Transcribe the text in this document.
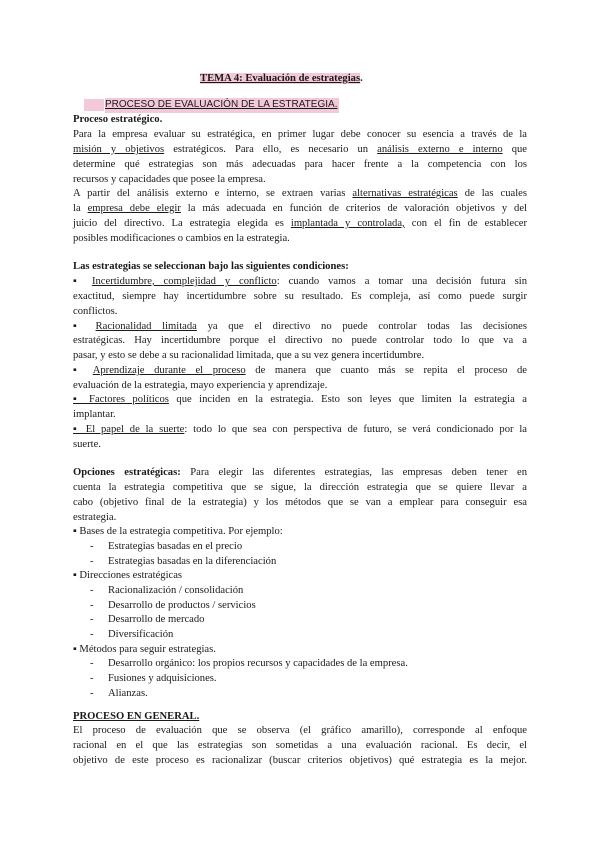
TEMA 4: Evaluación de estrategias.
PROCESO DE EVALUACIÓN DE LA ESTRATEGIA.
Proceso estratégico.
Para la empresa evaluar su estratégica, en primer lugar debe conocer su esencia a través de la
misión y objetivos estratégicos. Para ello, es necesario un análisis externo e interno que
determine qué estrategias son más adecuadas para hacer frente a la competencia con los
recursos y capacidades que posee la empresa.
A partir del análisis externo e interno, se extraen varias alternativas estratégicas de las cuales
la empresa debe elegir la más adecuada en función de criterios de valoración objetivos y del
juicio del directivo. La estrategia elegida es implantada y controlada, con el fin de establecer
posibles modificaciones o cambios en la estrategia.
Las estrategias se seleccionan bajo las siguientes condiciones:
▪ Incertidumbre, complejidad y conflicto: cuando vamos a tomar una decisión futura sin
exactitud, siempre hay incertidumbre sobre su resultado. Es compleja, así como puede surgir
conflictos.
▪ Racionalidad limitada ya que el directivo no puede controlar todas las decisiones
estratégicas. Hay incertidumbre porque el directivo no puede controlar todo lo que va a
pasar, y esto se debe a su racionalidad limitada, que a su vez genera incertidumbre.
▪ Aprendizaje durante el proceso de manera que cuanto más se repita el proceso de
evaluación de la estrategia, mayo experiencia y aprendizaje.
▪ Factores políticos que inciden en la estrategia. Esto son leyes que limiten la estrategia a
implantar.
▪ El papel de la suerte: todo lo que sea con perspectiva de futuro, se verá condicionado por la
suerte.
Opciones estratégicas: Para elegir las diferentes estrategias, las empresas deben tener en
cuenta la estrategia competitiva que se sigue, la dirección estrategia que se quiere llevar a
cabo (objetivo final de la estrategia) y los métodos que se van a emplear para conseguir esa
estrategia.
▪ Bases de la estrategia competitiva. Por ejemplo:
- Estrategias basadas en el precio
- Estrategias basadas en la diferenciación
▪ Direcciones estratégicas
- Racionalización / consolidación
- Desarrollo de productos / servicios
- Desarrollo de mercado
- Diversificación
▪ Métodos para seguir estrategias.
- Desarrollo orgánico: los propios recursos y capacidades de la empresa.
- Fusiones y adquisiciones.
- Alianzas.
PROCESO EN GENERAL.
El proceso de evaluación que se observa (el gráfico amarillo), corresponde al enfoque
racional en el que las estrategias son sometidas a una evaluación racional. Es decir, el
objetivo de este proceso es racionalizar (buscar criterios objetivos) qué estrategia es la mejor.
